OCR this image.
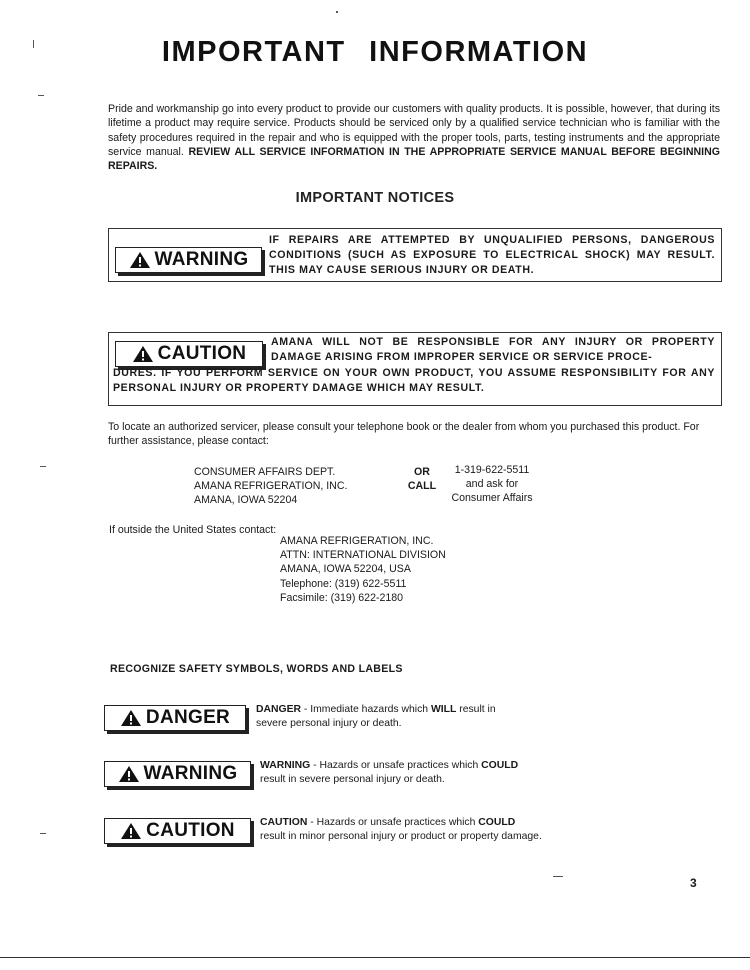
IMPORTANT INFORMATION
Pride and workmanship go into every product to provide our customers with quality products. It is possible, however, that during its lifetime a product may require service. Products should be serviced only by a qualified service technician who is familiar with the safety procedures required in the repair and who is equipped with the proper tools, parts, testing instruments and the appropriate service manual. REVIEW ALL SERVICE INFORMATION IN THE APPROPRIATE SERVICE MANUAL BEFORE BEGINNING REPAIRS.
IMPORTANT NOTICES
WARNING
IF REPAIRS ARE ATTEMPTED BY UNQUALIFIED PERSONS, DANGEROUS CONDITIONS (SUCH AS EXPOSURE TO ELECTRICAL SHOCK) MAY RESULT. THIS MAY CAUSE SERIOUS INJURY OR DEATH.
CAUTION
AMANA WILL NOT BE RESPONSIBLE FOR ANY INJURY OR PROPERTY DAMAGE ARISING FROM IMPROPER SERVICE OR SERVICE PROCE-
DURES. IF YOU PERFORM SERVICE ON YOUR OWN PRODUCT, YOU ASSUME RESPONSIBILITY FOR ANY PERSONAL INJURY OR PROPERTY DAMAGE WHICH MAY RESULT.
To locate an authorized servicer, please consult your telephone book or the dealer from whom you purchased this product. For further assistance, please contact:
CONSUMER AFFAIRS DEPT.
AMANA REFRIGERATION, INC.
AMANA, IOWA 52204
OR
CALL
1-319-622-5511
and ask for
Consumer Affairs
If outside the United States contact:
AMANA REFRIGERATION, INC.
ATTN: INTERNATIONAL DIVISION
AMANA, IOWA 52204, USA
Telephone: (319) 622-5511
Facsimile: (319) 622-2180
RECOGNIZE SAFETY SYMBOLS, WORDS AND LABELS
DANGER DANGER - Immediate hazards which WILL result in
severe personal injury or death.
WARNING WARNING - Hazards or unsafe practices which COULD
result in severe personal injury or death.
CAUTION CAUTION - Hazards or unsafe practices which COULD
result in minor personal injury or product or property damage.
3
